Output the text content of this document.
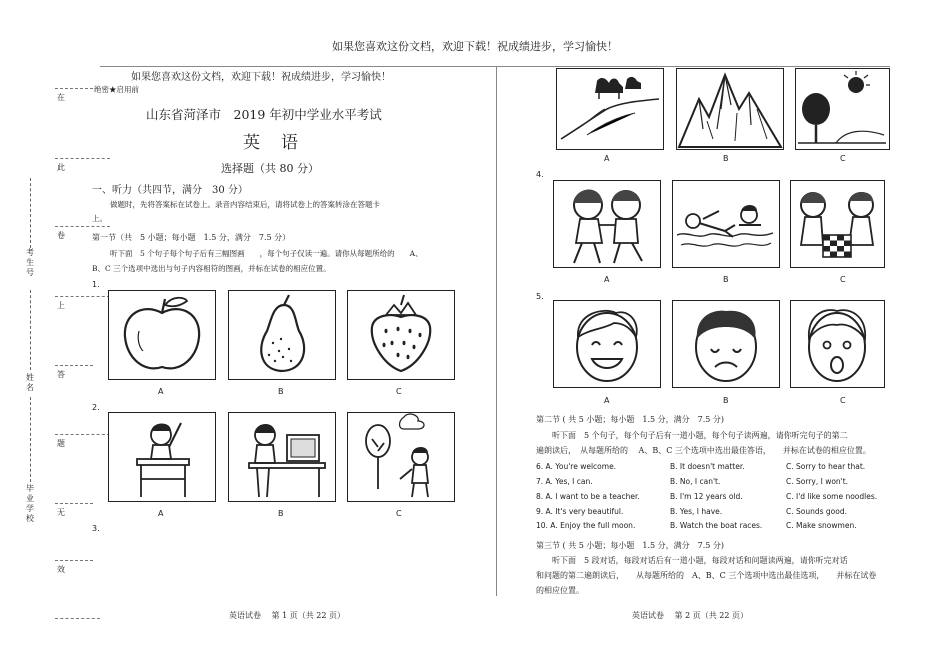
如果您喜欢这份文档，欢迎下载！祝成绩进步，学习愉快！
在
此
卷
上
答
题
无
效
考
生
号
姓
名
毕
业
学
校
如果您喜欢这份文档，欢迎下载！祝成绩进步，学习愉快！
绝密★启用前
山东省菏泽市　2019 年初中学业水平考试
英　语
选择题（共 80 分）
一、听力（共四节，满分　30 分）
做题时，先将答案标在试卷上。录音内容结束后，请将试卷上的答案转涂在答题卡
上。
第一节（共　5 小题；每小题　1.5 分，满分　7.5 分）
听下面　5 个句子每个句子后有三幅图画　　，每个句子仅读一遍。请你从每题所给的　　A、
B、C 三个选项中选出与句子内容相符的图画，并标在试卷的相应位置。
1.
A	B	C
2.
A	B	C
3.
英语试卷　 第 1 页（共 22 页）
A	B	C
4.
A	B	C
5.
A	B	C
第二节 ( 共 5 小题；每小题　1.5 分，满分　7.5 分)
听下面　5 个句子，每个句子后有一道小题，每个句子读两遍，请你听完句子的第二
遍朗读后，　从每题所给的　 A、B、C 三个选项中选出最佳答语，　　并标在试卷的相应位置。
6. A. You're welcome.	B. It doesn't matter.	C. Sorry to hear that.
7. A. Yes, I can.	B. No, I can't.	C. Sorry, I won't.
8. A. I want to be a teacher.	B. I'm 12 years old.	C. I'd like some noodles.
9. A. It's very beautiful.	B. Yes, I have.	C. Sounds good.
10. A. Enjoy the full moon.	B. Watch the boat races.	C. Make snowmen.
第三节 ( 共 5 小题；每小题　1.5 分，满分　7.5 分)
听下面　5 段对话，每段对话后有一道小题，每段对话和问题读两遍，请你听完对话
和问题的第二遍朗读后，　　从每题所给的　A、B、C 三个选项中选出最佳选项，　　并标在试卷
的相应位置。
英语试卷　 第 2 页（共 22 页）
